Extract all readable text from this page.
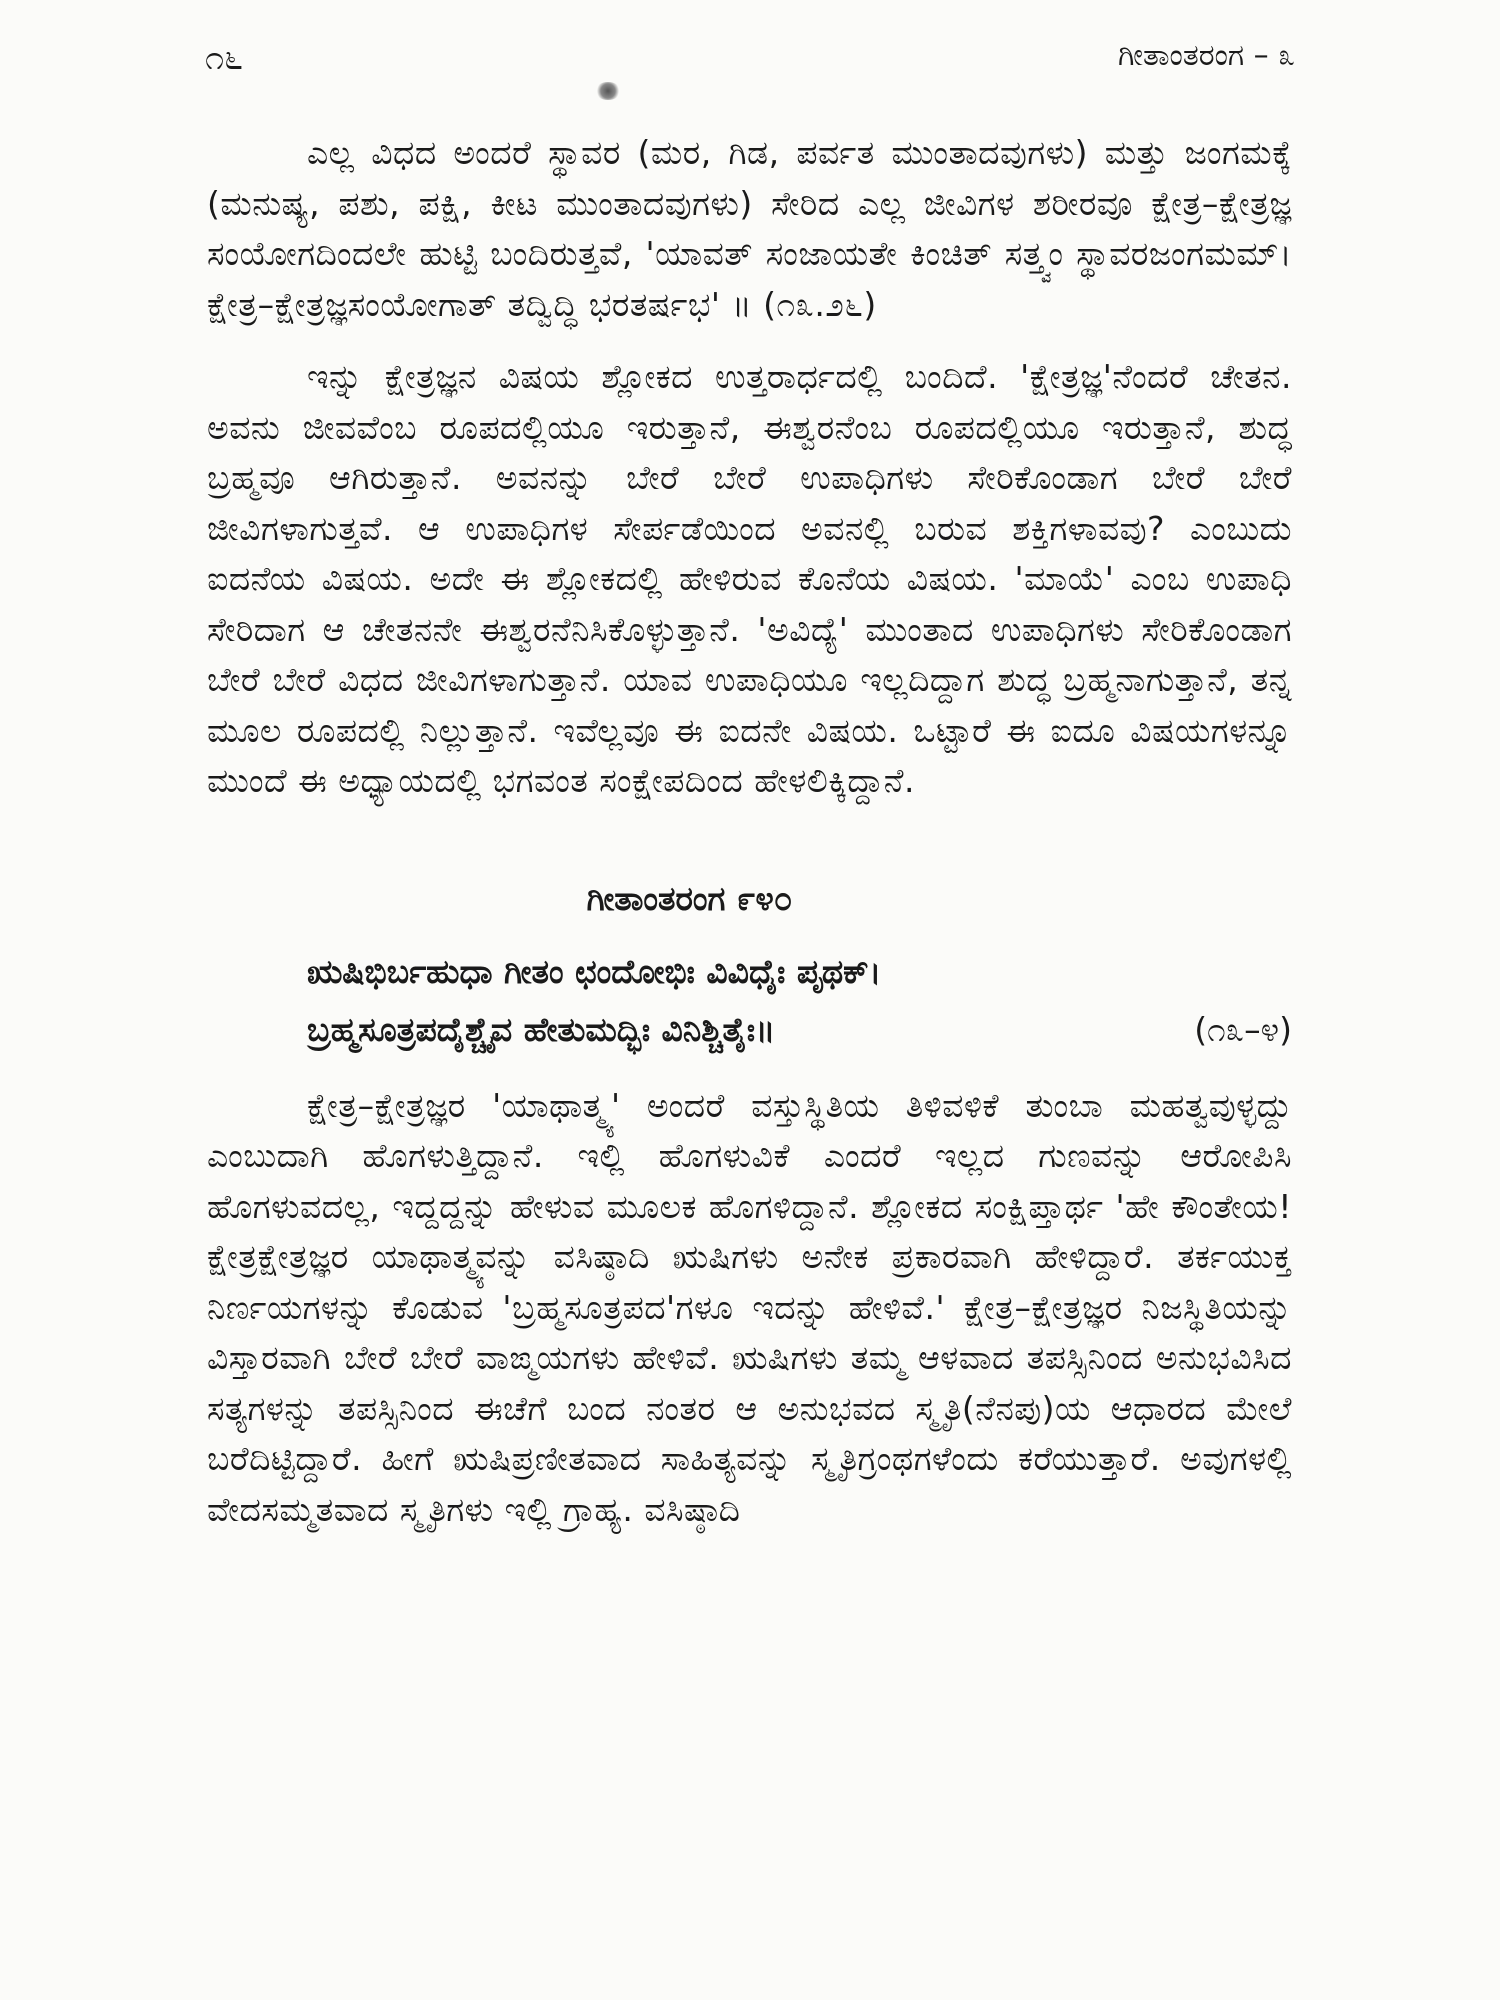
೧೬	ಗೀತಾಂತರಂಗ – ೩

ಎಲ್ಲ ವಿಧದ ಅಂದರೆ ಸ್ಥಾವರ (ಮರ, ಗಿಡ, ಪರ್ವತ ಮುಂತಾದವುಗಳು) ಮತ್ತು ಜಂಗಮಕ್ಕೆ (ಮನುಷ್ಯ, ಪಶು, ಪಕ್ಷಿ, ಕೀಟ ಮುಂತಾದವುಗಳು) ಸೇರಿದ ಎಲ್ಲ ಜೀವಿಗಳ ಶರೀರವೂ ಕ್ಷೇತ್ರ–ಕ್ಷೇತ್ರಜ್ಞ ಸಂಯೋಗದಿಂದಲೇ ಹುಟ್ಟಿ ಬಂದಿರುತ್ತವೆ, 'ಯಾವತ್ ಸಂಜಾಯತೇ ಕಿಂಚಿತ್ ಸತ್ತ್ವಂ ಸ್ಥಾವರಜಂಗಮಮ್। ಕ್ಷೇತ್ರ–ಕ್ಷೇತ್ರಜ್ಞಸಂಯೋಗಾತ್ ತದ್ವಿದ್ಧಿ ಭರತರ್ಷಭ' ॥ (೧೩.೨೬)

ಇನ್ನು ಕ್ಷೇತ್ರಜ್ಞನ ವಿಷಯ ಶ್ಲೋಕದ ಉತ್ತರಾರ್ಧದಲ್ಲಿ ಬಂದಿದೆ. 'ಕ್ಷೇತ್ರಜ್ಞ'ನೆಂದರೆ ಚೇತನ. ಅವನು ಜೀವವೆಂಬ ರೂಪದಲ್ಲಿಯೂ ಇರುತ್ತಾನೆ, ಈಶ್ವರನೆಂಬ ರೂಪದಲ್ಲಿಯೂ ಇರುತ್ತಾನೆ, ಶುದ್ಧ ಬ್ರಹ್ಮವೂ ಆಗಿರುತ್ತಾನೆ. ಅವನನ್ನು ಬೇರೆ ಬೇರೆ ಉಪಾಧಿಗಳು ಸೇರಿಕೊಂಡಾಗ ಬೇರೆ ಬೇರೆ ಜೀವಿಗಳಾಗುತ್ತವೆ. ಆ ಉಪಾಧಿಗಳ ಸೇರ್ಪಡೆಯಿಂದ ಅವನಲ್ಲಿ ಬರುವ ಶಕ್ತಿಗಳಾವವು? ಎಂಬುದು ಐದನೆಯ ವಿಷಯ. ಅದೇ ಈ ಶ್ಲೋಕದಲ್ಲಿ ಹೇಳಿರುವ ಕೊನೆಯ ವಿಷಯ. 'ಮಾಯೆ' ಎಂಬ ಉಪಾಧಿ ಸೇರಿದಾಗ ಆ ಚೇತನನೇ ಈಶ್ವರನೆನಿಸಿಕೊಳ್ಳುತ್ತಾನೆ. 'ಅವಿದ್ಯೆ' ಮುಂತಾದ ಉಪಾಧಿಗಳು ಸೇರಿಕೊಂಡಾಗ ಬೇರೆ ಬೇರೆ ವಿಧದ ಜೀವಿಗಳಾಗುತ್ತಾನೆ. ಯಾವ ಉಪಾಧಿಯೂ ಇಲ್ಲದಿದ್ದಾಗ ಶುದ್ಧ ಬ್ರಹ್ಮನಾಗುತ್ತಾನೆ, ತನ್ನ ಮೂಲ ರೂಪದಲ್ಲಿ ನಿಲ್ಲುತ್ತಾನೆ. ಇವೆಲ್ಲವೂ ಈ ಐದನೇ ವಿಷಯ. ಒಟ್ಟಾರೆ ಈ ಐದೂ ವಿಷಯಗಳನ್ನೂ ಮುಂದೆ ಈ ಅಧ್ಯಾಯದಲ್ಲಿ ಭಗವಂತ ಸಂಕ್ಷೇಪದಿಂದ ಹೇಳಲಿಕ್ಕಿದ್ದಾನೆ.

ಗೀತಾಂತರಂಗ ೯೪೦
ಋಷಿಭಿರ್ಬಹುಧಾ ಗೀತಂ ಛಂದೋಭಿಃ ವಿವಿಧೈಃ ಪೃಥಕ್।
ಬ್ರಹ್ಮಸೂತ್ರಪದೈಶ್ಚೈವ ಹೇತುಮದ್ಭಿಃ ವಿನಿಶ್ಚಿತೈಃ॥	(೧೩–೪)

ಕ್ಷೇತ್ರ–ಕ್ಷೇತ್ರಜ್ಞರ 'ಯಾಥಾತ್ಮ್ಯ' ಅಂದರೆ ವಸ್ತುಸ್ಥಿತಿಯ ತಿಳಿವಳಿಕೆ ತುಂಬಾ ಮಹತ್ವವುಳ್ಳದ್ದು ಎಂಬುದಾಗಿ ಹೊಗಳುತ್ತಿದ್ದಾನೆ. ಇಲ್ಲಿ ಹೊಗಳುವಿಕೆ ಎಂದರೆ ಇಲ್ಲದ ಗುಣವನ್ನು ಆರೋಪಿಸಿ ಹೊಗಳುವದಲ್ಲ, ಇದ್ದದ್ದನ್ನು ಹೇಳುವ ಮೂಲಕ ಹೊಗಳಿದ್ದಾನೆ. ಶ್ಲೋಕದ ಸಂಕ್ಷಿಪ್ತಾರ್ಥ 'ಹೇ ಕೌಂತೇಯ! ಕ್ಷೇತ್ರಕ್ಷೇತ್ರಜ್ಞರ ಯಾಥಾತ್ಮ್ಯವನ್ನು ವಸಿಷ್ಠಾದಿ ಋಷಿಗಳು ಅನೇಕ ಪ್ರಕಾರವಾಗಿ ಹೇಳಿದ್ದಾರೆ. ತರ್ಕಯುಕ್ತ ನಿರ್ಣಯಗಳನ್ನು ಕೊಡುವ 'ಬ್ರಹ್ಮಸೂತ್ರಪದ'ಗಳೂ ಇದನ್ನು ಹೇಳಿವೆ.' ಕ್ಷೇತ್ರ–ಕ್ಷೇತ್ರಜ್ಞರ ನಿಜಸ್ಥಿತಿಯನ್ನು ವಿಸ್ತಾರವಾಗಿ ಬೇರೆ ಬೇರೆ ವಾಙ್ಮಯಗಳು ಹೇಳಿವೆ. ಋಷಿಗಳು ತಮ್ಮ ಆಳವಾದ ತಪಸ್ಸಿನಿಂದ ಅನುಭವಿಸಿದ ಸತ್ಯಗಳನ್ನು ತಪಸ್ಸಿನಿಂದ ಈಚೆಗೆ ಬಂದ ನಂತರ ಆ ಅನುಭವದ ಸ್ಮೃತಿ(ನೆನಪು)ಯ ಆಧಾರದ ಮೇಲೆ ಬರೆದಿಟ್ಟಿದ್ದಾರೆ. ಹೀಗೆ ಋಷಿಪ್ರಣೀತವಾದ ಸಾಹಿತ್ಯವನ್ನು ಸ್ಮೃತಿಗ್ರಂಥಗಳೆಂದು ಕರೆಯುತ್ತಾರೆ. ಅವುಗಳಲ್ಲಿ ವೇದಸಮ್ಮತವಾದ ಸ್ಮೃತಿಗಳು ಇಲ್ಲಿ ಗ್ರಾಹ್ಯ. ವಸಿಷ್ಠಾದಿ
